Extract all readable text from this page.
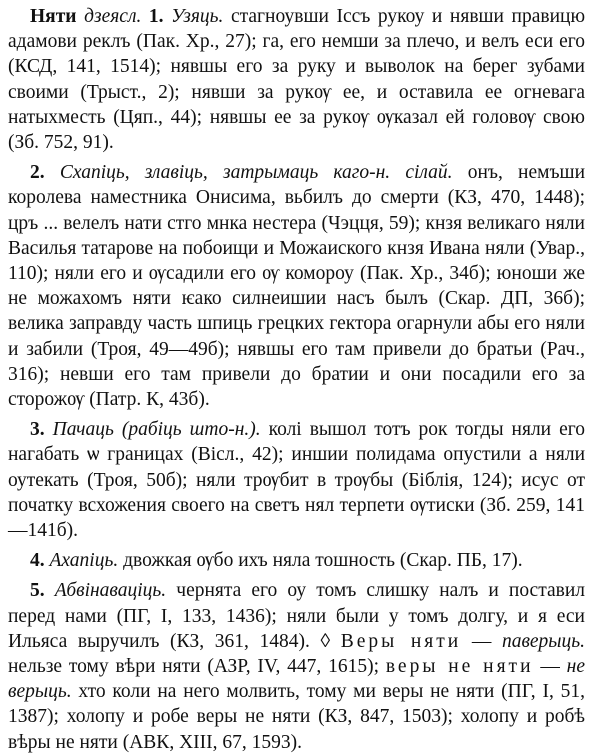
Няти дзеясл. 1. Узяць. стагноувши Іссъ рукоу и нявши правицю адамови реклъ (Пак. Хр., 27); га, его немши за плечо, и велъ еси его (КСД, 141, 1514); нявшы его за руку и выволок на берег зубами своими (Трыст., 2); нявши за рукѹ ее, и оставила ее огневага натыхместь (Цяп., 44); нявшы ее за рукѹ ѹказал ей головѹ свою (Зб. 752, 91).

2. Схапіць, злавіць, затрымаць каго-н. сілай. онъ, немъши королева наместника Онисима, вьбилъ до смерти (КЗ, 470, 1448); цръ ... велелъ нати стго мнка нестера (Чэцця, 59); кнзя великаго няли Василья татарове на побоищи и Можаиского кнзя Ивана няли (Увар., 110); няли его и ѹсадили его ѹ комороу (Пак. Хр., 34б); юноши же не можахомъ няти ѥако силнеишии насъ былъ (Скар. ДП, 36б); велика заправду часть шпиць грецких гектора огарнули абы его няли и забили (Троя, 49—49б); нявшы его там привели до братьи (Рач., 316); невши его там привели до братии и они посадили его за сторожѹ (Патр. К, 43б).

3. Пачаць (рабіць што-н.). колі вышол тотъ рок тогды няли его нагабать ѡ границах (Вісл., 42); иншии полидама опустили а няли оутекать (Троя, 50б); няли трѹбит в трѹбы (Біблія, 124); исус от початку всхожения своего на светъ нял терпети ѹтиски (Зб. 259, 141—141б).

4. Ахапіць. двожкая ѹбо ихъ няла тошность (Скар. ПБ, 17).

5. Абвінаваціць. чернята его оу томъ слишку налъ и поставил перед нами (ПГ, І, 133, 1436); няли были у томъ долгу, и я еси Ильяса выручилъ (КЗ, 361, 1484). ◊ Веры няти — паверыць. нельзе тому вѣри няти (АЗР, IV, 447, 1615); веры не няти — не верыць. хто коли на него молвить, тому ми веры не няти (ПГ, І, 51, 1387); холопу и робе веры не няти (КЗ, 847, 1503); холопу и робѣ вѣры не няти (АВК, ХІІІ, 67, 1593).
